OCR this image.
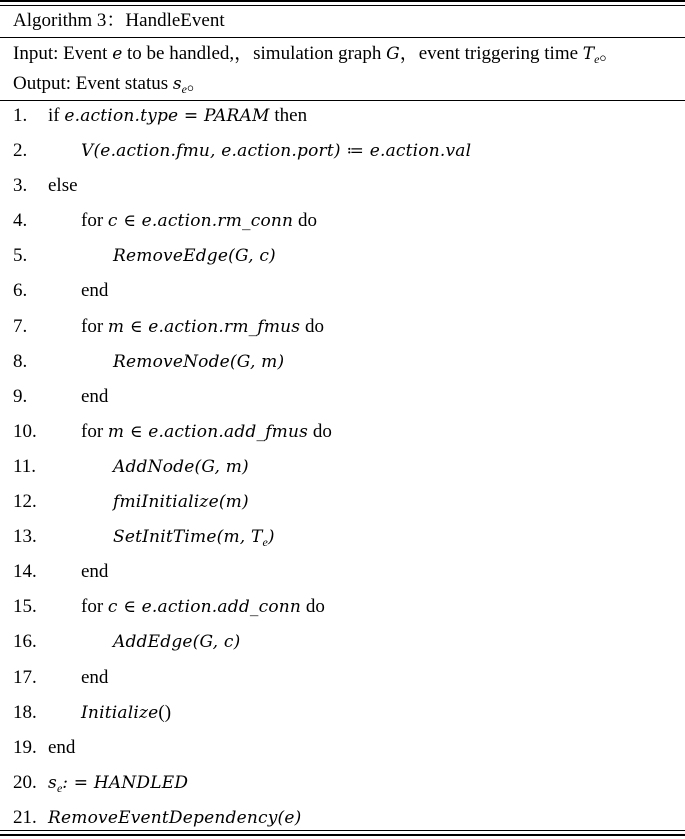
Algorithm 3：HandleEvent
Input: Event e to be handled,，simulation graph G，event triggering time $T_e$。
Output: Event status $s_e$。
1.	if e.action.type = PARAM then
2.	V(e.action.fmu, e.action.port) ≔ e.action.val
3.	else
4.	for c ∈ e.action.rm_conn do
5.	RemoveEdge(G, c)
6.	end
7.	for m ∈ e.action.rm_fmus do
8.	RemoveNode(G, m)
9.	end
10.	for m ∈ e.action.add_fmus do
11.	AddNode(G, m)
12.	fmiInitialize(m)
13.	SetInitTime(m, $T_e$)
14.	end
15.	for c ∈ e.action.add_conn do
16.	AddEdge(G, c)
17.	end
18.	Initialize()
19. end
20. $s_e$: = HANDLED
21. RemoveEventDependency(e)
